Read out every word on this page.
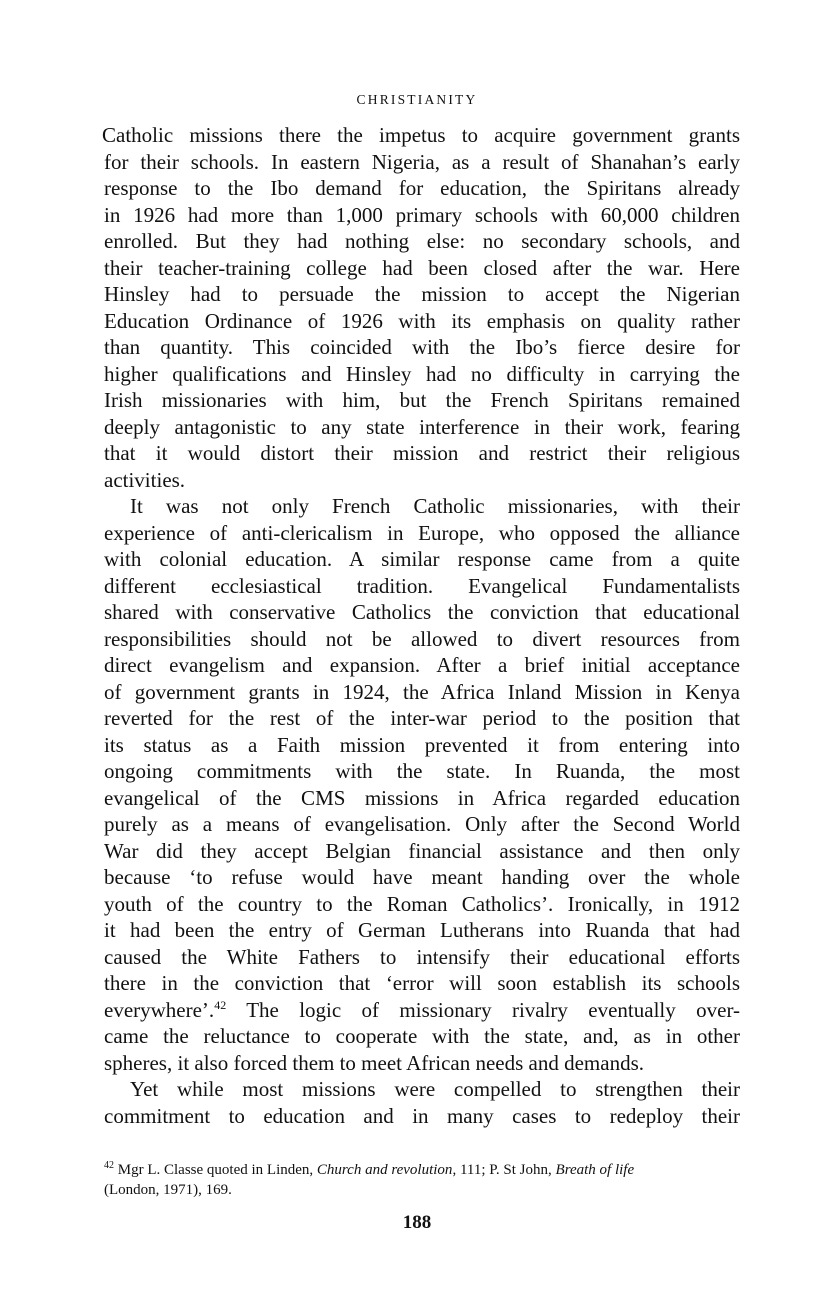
CHRISTIANITY
Catholic missions there the impetus to acquire government grants
for their schools. In eastern Nigeria, as a result of Shanahan’s early
response to the Ibo demand for education, the Spiritans already
in 1926 had more than 1,000 primary schools with 60,000 children
enrolled. But they had nothing else: no secondary schools, and
their teacher-training college had been closed after the war. Here
Hinsley had to persuade the mission to accept the Nigerian
Education Ordinance of 1926 with its emphasis on quality rather
than quantity. This coincided with the Ibo’s fierce desire for
higher qualifications and Hinsley had no difficulty in carrying the
Irish missionaries with him, but the French Spiritans remained
deeply antagonistic to any state interference in their work, fearing
that it would distort their mission and restrict their religious
activities.
It was not only French Catholic missionaries, with their
experience of anti-clericalism in Europe, who opposed the alliance
with colonial education. A similar response came from a quite
different ecclesiastical tradition. Evangelical Fundamentalists
shared with conservative Catholics the conviction that educational
responsibilities should not be allowed to divert resources from
direct evangelism and expansion. After a brief initial acceptance
of government grants in 1924, the Africa Inland Mission in Kenya
reverted for the rest of the inter-war period to the position that
its status as a Faith mission prevented it from entering into
ongoing commitments with the state. In Ruanda, the most
evangelical of the CMS missions in Africa regarded education
purely as a means of evangelisation. Only after the Second World
War did they accept Belgian financial assistance and then only
because ‘to refuse would have meant handing over the whole
youth of the country to the Roman Catholics’. Ironically, in 1912
it had been the entry of German Lutherans into Ruanda that had
caused the White Fathers to intensify their educational efforts
there in the conviction that ‘error will soon establish its schools
everywhere’.$^{42}$ The logic of missionary rivalry eventually over-
came the reluctance to cooperate with the state, and, as in other
spheres, it also forced them to meet African needs and demands.
Yet while most missions were compelled to strengthen their
commitment to education and in many cases to redeploy their
$^{42}$ Mgr L. Classe quoted in Linden, Church and revolution, 111; P. St John, Breath of life
(London, 1971), 169.
188
